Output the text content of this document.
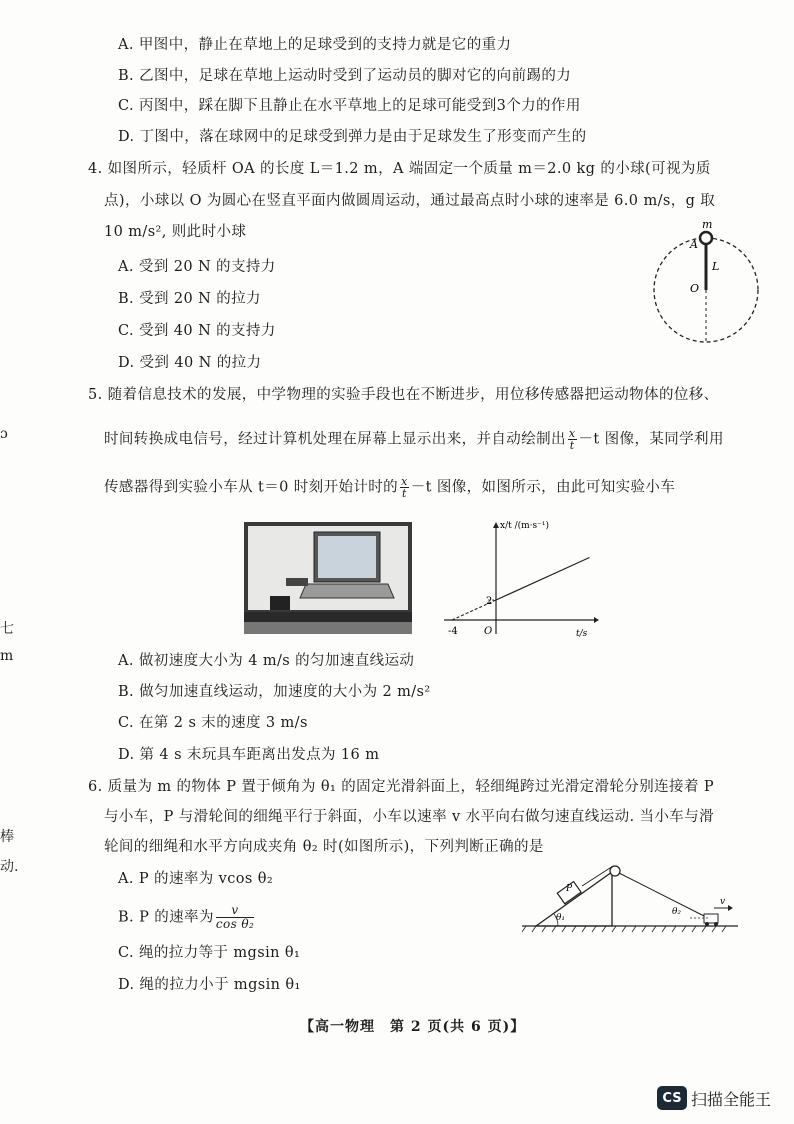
A. 甲图中，静止在草地上的足球受到的支持力就是它的重力
B. 乙图中，足球在草地上运动时受到了运动员的脚对它的向前踢的力
C. 丙图中，踩在脚下且静止在水平草地上的足球可能受到3个力的作用
D. 丁图中，落在球网中的足球受到弹力是由于足球发生了形变而产生的
4. 如图所示，轻质杆 OA 的长度 L＝1.2 m，A 端固定一个质量 m＝2.0 kg 的小球(可视为质
点)，小球以 O 为圆心在竖直平面内做圆周运动，通过最高点时小球的速率是 6.0 m/s，g 取
10 m/s², 则此时小球
A. 受到 20 N 的支持力
B. 受到 20 N 的拉力
C. 受到 40 N 的支持力
D. 受到 40 N 的拉力
m
A
L
O
5. 随着信息技术的发展，中学物理的实验手段也在不断进步，用位移传感器把运动物体的位移、
时间转换成电信号，经过计算机处理在屏幕上显示出来，并自动绘制出 $\frac{x}{t} -t$ 图像，某同学利用
传感器得到实验小车从 t＝0 时刻开始计时的 $\frac{x}{t} -t$ 图像，如图所示，由此可知实验小车
-4	O
2
t/s
x/t /(m·s⁻¹)
A. 做初速度大小为 4 m/s 的匀加速直线运动
B. 做匀加速直线运动，加速度的大小为 2 m/s²
C. 在第 2 s 末的速度 3 m/s
D. 第 4 s 末玩具车距离出发点为 16 m
6. 质量为 m 的物体 P 置于倾角为 θ₁ 的固定光滑斜面上，轻细绳跨过光滑定滑轮分别连接着 P
与小车，P 与滑轮间的细绳平行于斜面，小车以速率 v 水平向右做匀速直线运动. 当小车与滑
轮间的细绳和水平方向成夹角 θ₂ 时(如图所示)，下列判断正确的是
A. P 的速率为 vcos θ₂
B. P 的速率为 $\frac{v}{\text{cos θ₂}}$
C. 绳的拉力等于 mgsin θ₁
D. 绳的拉力小于 mgsin θ₁
P
θ₁
θ₂
v
ɔ
七
m
棒
动.
【高一物理　第 2 页(共 6 页)】
CS 扫描全能王
